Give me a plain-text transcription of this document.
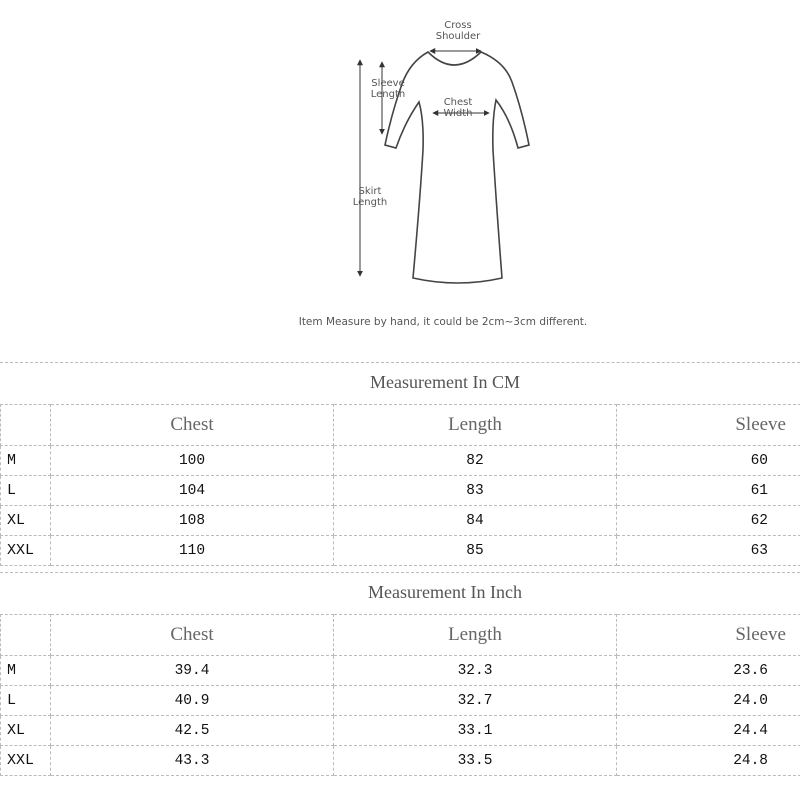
Cross
Shoulder
Sleeve
Length
Chest
Width
Skirt
Length
Item Measure by hand, it could be 2cm~3cm different.
Measurement In CM
	Chest	Length	Sleeve
M	100	82	60
L	104	83	61
XL	108	84	62
XXL	110	85	63
Measurement In Inch
	Chest	Length	Sleeve
M	39.4	32.3	23.6
L	40.9	32.7	24.0
XL	42.5	33.1	24.4
XXL	43.3	33.5	24.8
